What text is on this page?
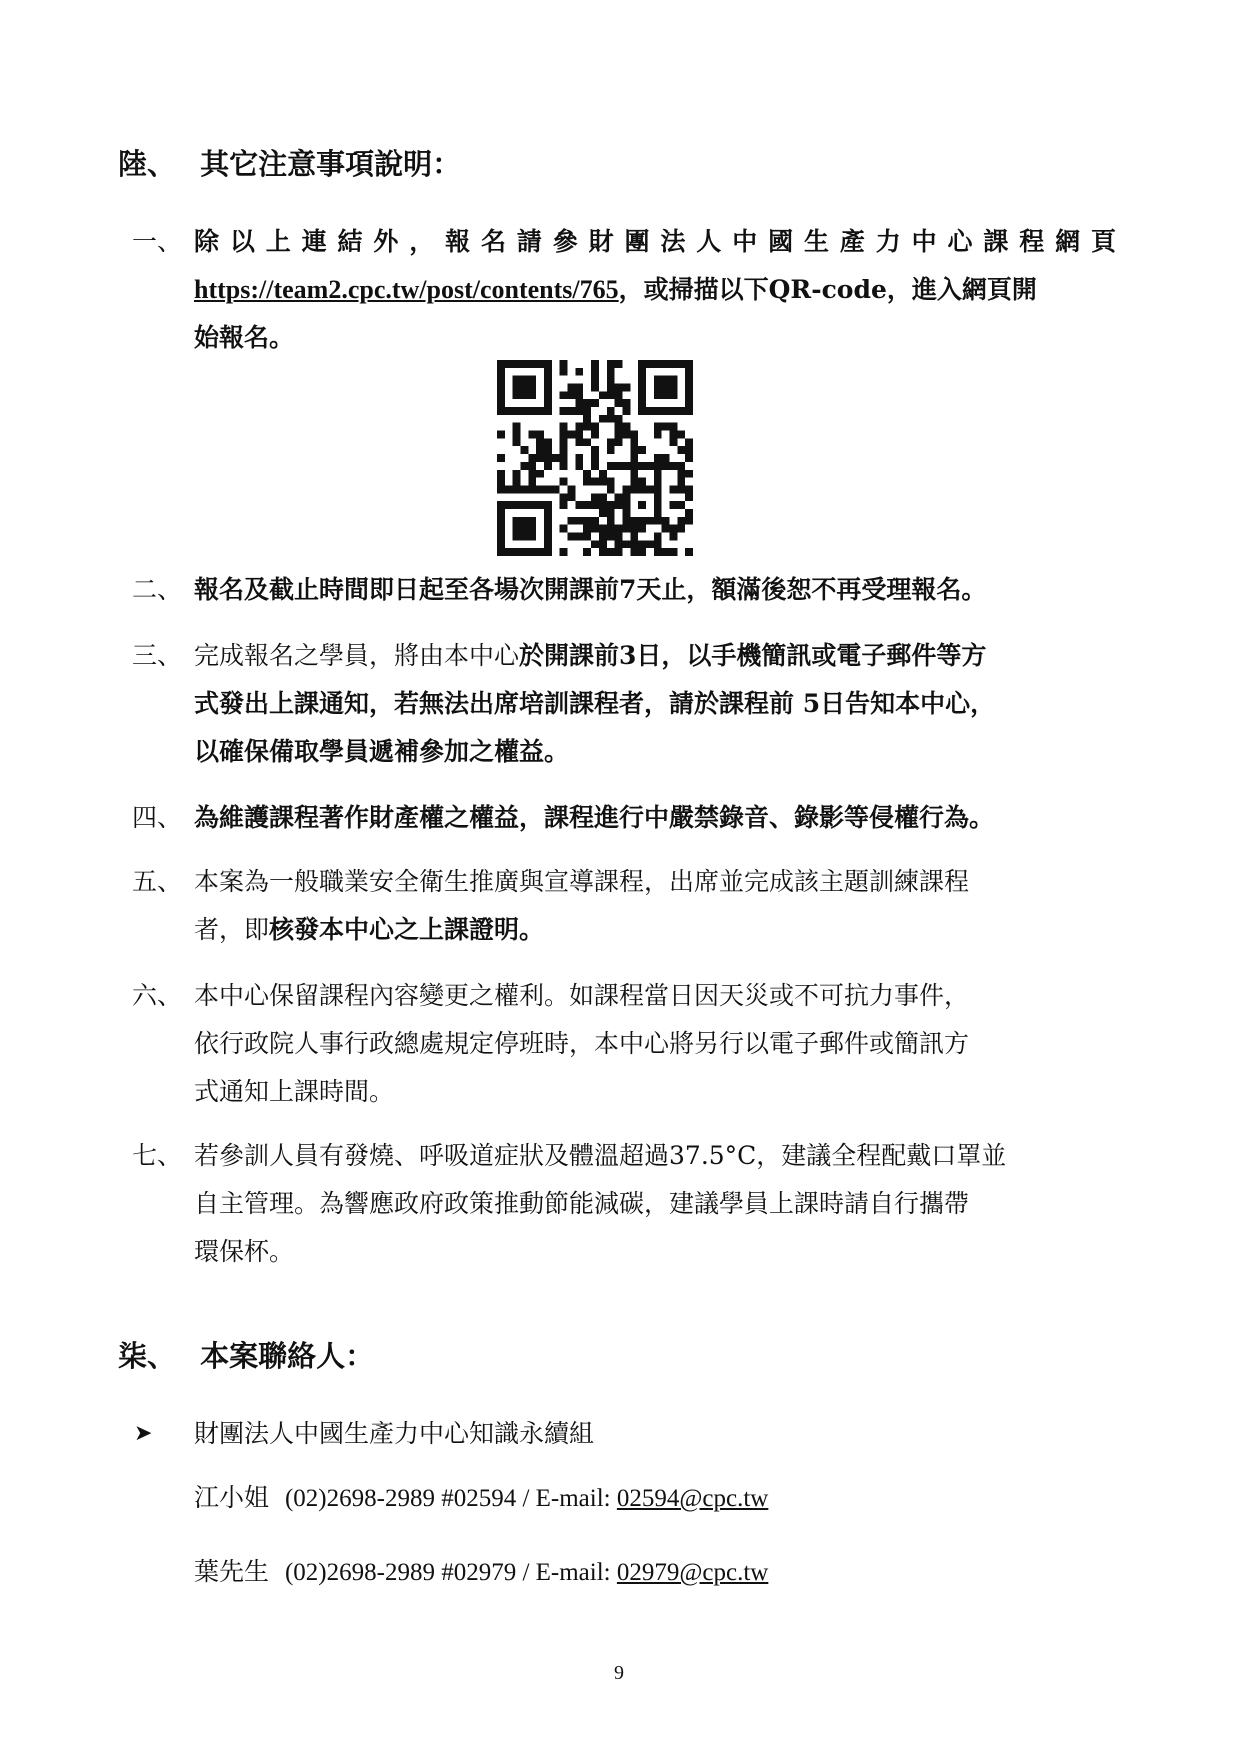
陸、 其它注意事項說明：
一、 除以上連結外，報名請參財團法人中國生產力中心課程網頁
https://team2.cpc.tw/post/contents/765，或掃描以下QR-code，進入網頁開
始報名。
二、 報名及截止時間即日起至各場次開課前7天止，額滿後恕不再受理報名。
三、 完成報名之學員，將由本中心於開課前3日，以手機簡訊或電子郵件等方
式發出上課通知，若無法出席培訓課程者，請於課程前 5日告知本中心，
以確保備取學員遞補參加之權益。
四、 為維護課程著作財產權之權益，課程進行中嚴禁錄音、錄影等侵權行為。
五、 本案為一般職業安全衛生推廣與宣導課程，出席並完成該主題訓練課程
者，即核發本中心之上課證明。
六、 本中心保留課程內容變更之權利。如課程當日因天災或不可抗力事件，
依行政院人事行政總處規定停班時，本中心將另行以電子郵件或簡訊方
式通知上課時間。
七、 若參訓人員有發燒、呼吸道症狀及體溫超過37.5°C，建議全程配戴口罩並
自主管理。為響應政府政策推動節能減碳，建議學員上課時請自行攜帶
環保杯。
柒、 本案聯絡人：
➤ 財團法人中國生產力中心知識永續組
江小姐 (02)2698-2989 #02594 / E-mail: 02594@cpc.tw
葉先生 (02)2698-2989 #02979 / E-mail: 02979@cpc.tw
9
